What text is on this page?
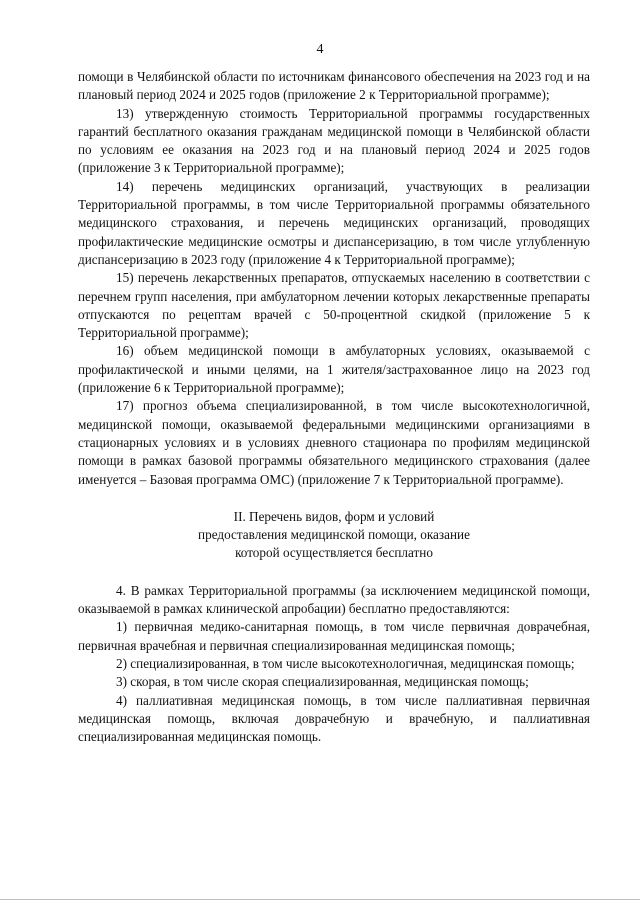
4

помощи в Челябинской области по источникам финансового обеспечения на 2023 год и на плановый период 2024 и 2025 годов (приложение 2 к Территориальной программе);

13) утвержденную стоимость Территориальной программы государственных гарантий бесплатного оказания гражданам медицинской помощи в Челябинской области по условиям ее оказания на 2023 год и на плановый период 2024 и 2025 годов (приложение 3 к Территориальной программе);

14) перечень медицинских организаций, участвующих в реализации Территориальной программы, в том числе Территориальной программы обязательного медицинского страхования, и перечень медицинских организаций, проводящих профилактические медицинские осмотры и диспансеризацию, в том числе углубленную диспансеризацию в 2023 году (приложение 4 к Территориальной программе);

15) перечень лекарственных препаратов, отпускаемых населению в соответствии с перечнем групп населения, при амбулаторном лечении которых лекарственные препараты отпускаются по рецептам врачей с 50-процентной скидкой (приложение 5 к Территориальной программе);

16) объем медицинской помощи в амбулаторных условиях, оказываемой с профилактической и иными целями, на 1 жителя/застрахованное лицо на 2023 год (приложение 6 к Территориальной программе);

17) прогноз объема специализированной, в том числе высокотехнологичной, медицинской помощи, оказываемой федеральными медицинскими организациями в стационарных условиях и в условиях дневного стационара по профилям медицинской помощи в рамках базовой программы обязательного медицинского страхования (далее именуется – Базовая программа ОМС) (приложение 7 к Территориальной программе).

II. Перечень видов, форм и условий
предоставления медицинской помощи, оказание
которой осуществляется бесплатно

4. В рамках Территориальной программы (за исключением медицинской помощи, оказываемой в рамках клинической апробации) бесплатно предоставляются:

1) первичная медико-санитарная помощь, в том числе первичная доврачебная, первичная врачебная и первичная специализированная медицинская помощь;

2) специализированная, в том числе высокотехнологичная, медицинская помощь;

3) скорая, в том числе скорая специализированная, медицинская помощь;

4) паллиативная медицинская помощь, в том числе паллиативная первичная медицинская помощь, включая доврачебную и врачебную, и паллиативная специализированная медицинская помощь.
